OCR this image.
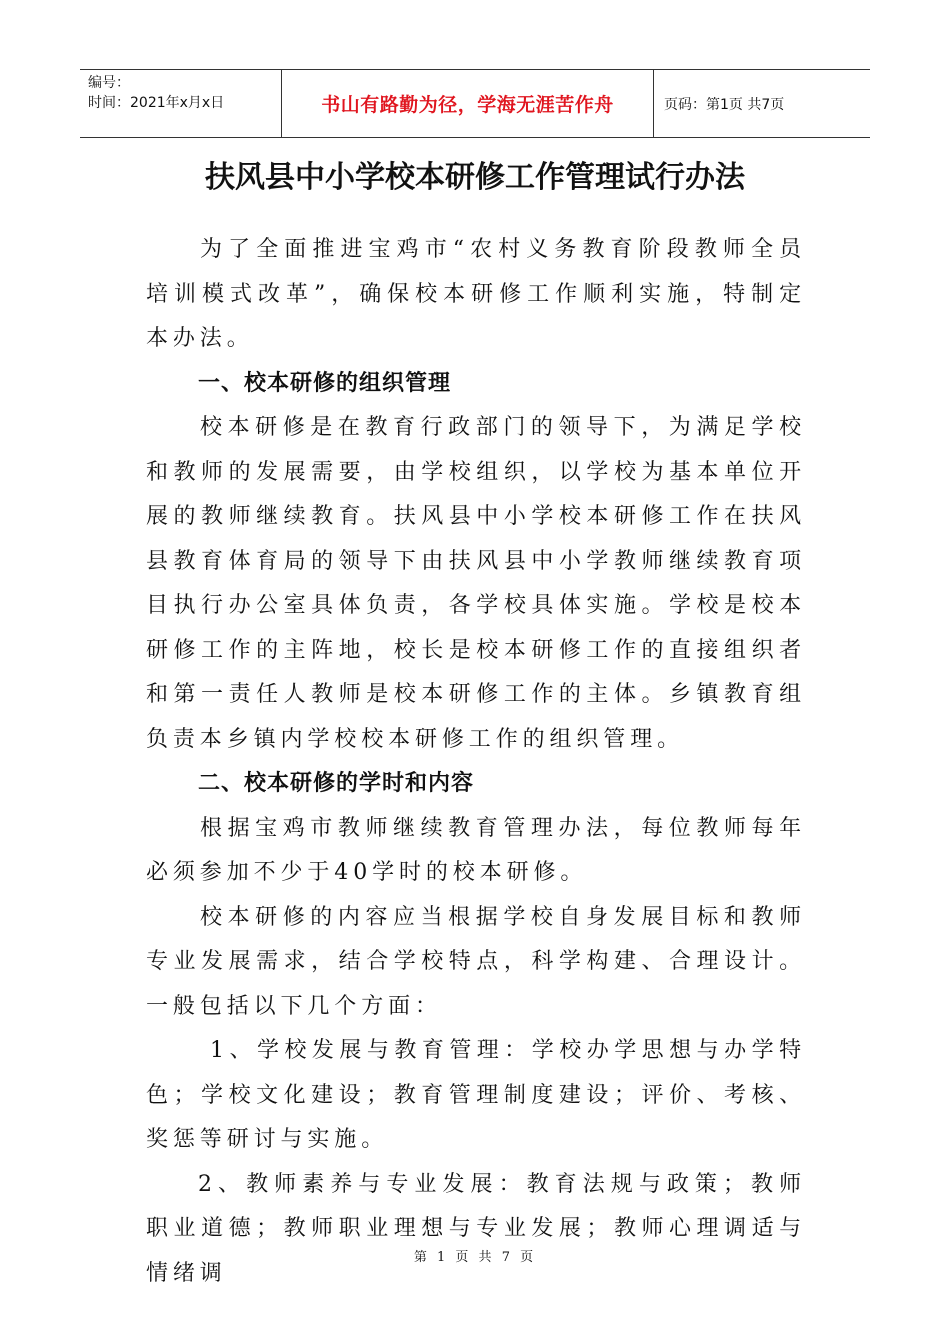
编号：
时间：2021年x月x日	书山有路勤为径，学海无涯苦作舟	页码：第1页 共7页
扶风县中小学校本研修工作管理试行办法

为了全面推进宝鸡市“农村义务教育阶段教师全员培训模式改革”，确保校本研修工作顺利实施，特制定本办法。

一、校本研修的组织管理

校本研修是在教育行政部门的领导下，为满足学校和教师的发展需要，由学校组织，以学校为基本单位开展的教师继续教育。扶风县中小学校本研修工作在扶风县教育体育局的领导下由扶风县中小学教师继续教育项目执行办公室具体负责，各学校具体实施。学校是校本研修工作的主阵地，校长是校本研修工作的直接组织者和第一责任人教师是校本研修工作的主体。乡镇教育组负责本乡镇内学校校本研修工作的组织管理。

二、校本研修的学时和内容

根据宝鸡市教师继续教育管理办法，每位教师每年必须参加不少于40学时的校本研修。

校本研修的内容应当根据学校自身发展目标和教师专业发展需求，结合学校特点，科学构建、合理设计。一般包括以下几个方面：

1、学校发展与教育管理：学校办学思想与办学特色；学校文化建设；教育管理制度建设；评价、考核、奖惩等研讨与实施。

2、教师素养与专业发展：教育法规与政策；教师职业道德；教师职业理想与专业发展；教师心理调适与情绪调

第 1 页 共 7 页
